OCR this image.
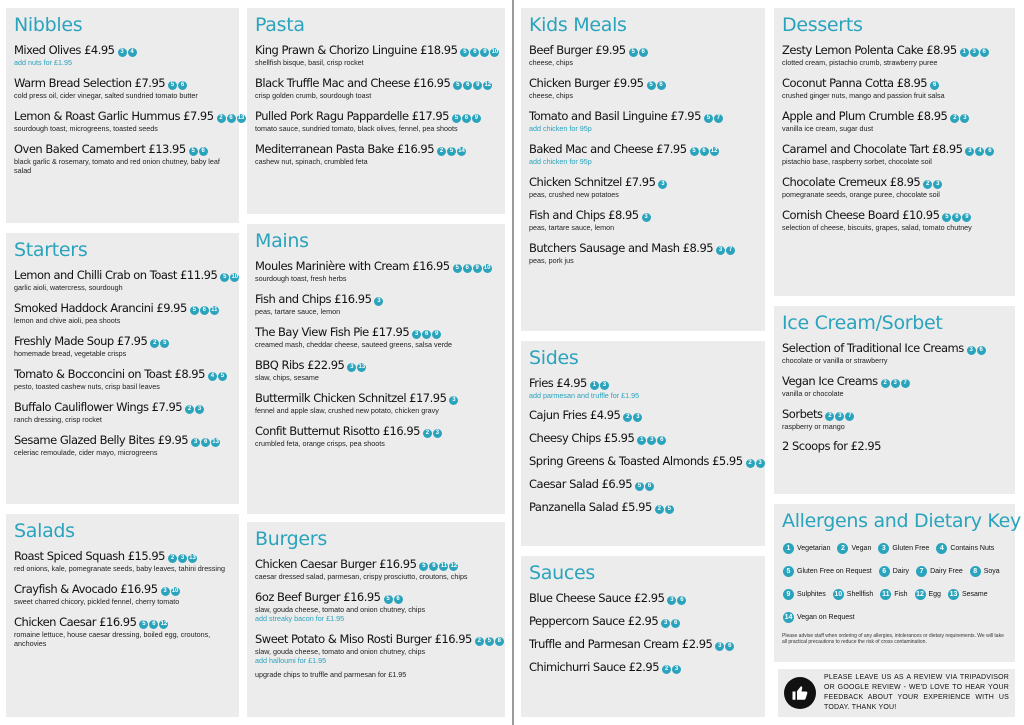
Nibbles
Mixed Olives £4.95 3 4
add nuts for £1.95
Warm Bread Selection £7.95 5 6
cold press oil, cider vinegar, salted sundried tomato butter
Lemon & Roast Garlic Hummus £7.95 2 6 13
sourdough toast, microgreens, toasted seeds
Oven Baked Camembert £13.95 5 6
black garlic & rosemary, tomato and red onion chutney, baby leaf salad
Starters
Lemon and Chilli Crab on Toast £11.95 5 10
garlic aioli, watercress, sourdough
Smoked Haddock Arancini £9.95 5 6 11
lemon and chive aioli, pea shoots
Freshly Made Soup £7.95 2 5
homemade bread, vegetable crisps
Tomato & Bocconcini on Toast £8.95 4 5
pesto, toasted cashew nuts, crisp basil leaves
Buffalo Cauliflower Wings £7.95 2 3
ranch dressing, crisp rocket
Sesame Glazed Belly Bites £9.95 3 6 13
celeriac remoulade, cider mayo, microgreens
Salads
Roast Spiced Squash £15.95 2 3 13
red onions, kale, pomegranate seeds, baby leaves, tahini dressing
Crayfish & Avocado £16.95 3 10
sweet charred chicory, pickled fennel, cherry tomato
Chicken Caesar £16.95 5 6 12
romaine lettuce, house caesar dressing, boiled egg, croutons, anchovies
Pasta
King Prawn & Chorizo Linguine £18.95 5 6 9 10
shellfish bisque, basil, crisp rocket
Black Truffle Mac and Cheese £16.95 5 6 9 12
crisp golden crumb, sourdough toast
Pulled Pork Ragu Pappardelle £17.95 5 6 9
tomato sauce, sundried tomato, black olives, fennel, pea shoots
Mediterranean Pasta Bake £16.95 2 5 14
cashew nut, spinach, crumbled feta
Mains
Moules Marinière with Cream £16.95 5 6 9 10
sourdough toast, fresh herbs
Fish and Chips £16.95 3
peas, tartare sauce, lemon
The Bay View Fish Pie £17.95 3 6 9
creamed mash, cheddar cheese, sauteed greens, salsa verde
BBQ Ribs £22.95 3 13
slaw, chips, sesame
Buttermilk Chicken Schnitzel £17.95 3
fennel and apple slaw, crushed new potato, chicken gravy
Confit Butternut Risotto £16.95 2 3
crumbled feta, orange crisps, pea shoots
Burgers
Chicken Caesar Burger £16.95 5 6 11 12
caesar dressed salad, parmesan, crispy prosciutto, croutons, chips
6oz Beef Burger £16.95 5 6
slaw, gouda cheese, tomato and onion chutney, chips
add streaky bacon for £1.95
Sweet Potato & Miso Rosti Burger £16.95 2 5 8
slaw, gouda cheese, tomato and onion chutney, chips
add halloumi for £1.95
upgrade chips to truffle and parmesan for £1.95
Kids Meals
Beef Burger £9.95 5 6
cheese, chips
Chicken Burger £9.95 5 6
cheese, chips
Tomato and Basil Linguine £7.95 5 7
add chicken for 95p
Baked Mac and Cheese £7.95 5 6 12
add chicken for 95p
Chicken Schnitzel £7.95 3
peas, crushed new potatoes
Fish and Chips £8.95 3
peas, tartare sauce, lemon
Butchers Sausage and Mash £8.95 3 7
peas, pork jus
Sides
Fries £4.95 1 3
add parmesan and truffle for £1.95
Cajun Fries £4.95 2 3
Cheesy Chips £5.95 1 3 6
Spring Greens & Toasted Almonds £5.95 2 3
Caesar Salad £6.95 5 6
Panzanella Salad £5.95 2 5
Sauces
Blue Cheese Sauce £2.95 3 6
Peppercorn Sauce £2.95 3 6
Truffle and Parmesan Cream £2.95 3 6
Chimichurri Sauce £2.95 2 3
Desserts
Zesty Lemon Polenta Cake £8.95 1 3 6
clotted cream, pistachio crumb, strawberry puree
Coconut Panna Cotta £8.95 6
crushed ginger nuts, mango and passion fruit salsa
Apple and Plum Crumble £8.95 2 3
vanilla ice cream, sugar dust
Caramel and Chocolate Tart £8.95 3 4 6
pistachio base, raspberry sorbet, chocolate soil
Chocolate Cremeux £8.95 2 3
pomegranate seeds, orange puree, chocolate soil
Cornish Cheese Board £10.95 5 6 9
selection of cheese, biscuits, grapes, salad, tomato chutney
Ice Cream/Sorbet
Selection of Traditional Ice Creams 3 6
chocolate or vanilla or strawberry
Vegan Ice Creams 2 3 7
vanilla or chocolate
Sorbets 2 3 7
raspberry or mango
2 Scoops for £2.95
Allergens and Dietary Key
1 Vegetarian	2 Vegan	3 Gluten Free	4 Contains Nuts
5 Gluten Free on Request	6 Dairy	7 Dairy Free	8 Soya
9 Sulphites 10 Shellfish 11 Fish 12 Egg 13 Sesame
14 Vegan on Request
Please advise staff when ordering of any allergies, intolerances or dietary requirements. We will take all practical precautions to reduce the risk of cross contamination.
PLEASE LEAVE US AS A REVIEW VIA TRIPADVISOR OR GOOGLE REVIEW - WE'D LOVE TO HEAR YOUR FEEDBACK ABOUT YOUR EXPERIENCE WITH US TODAY. THANK YOU!
